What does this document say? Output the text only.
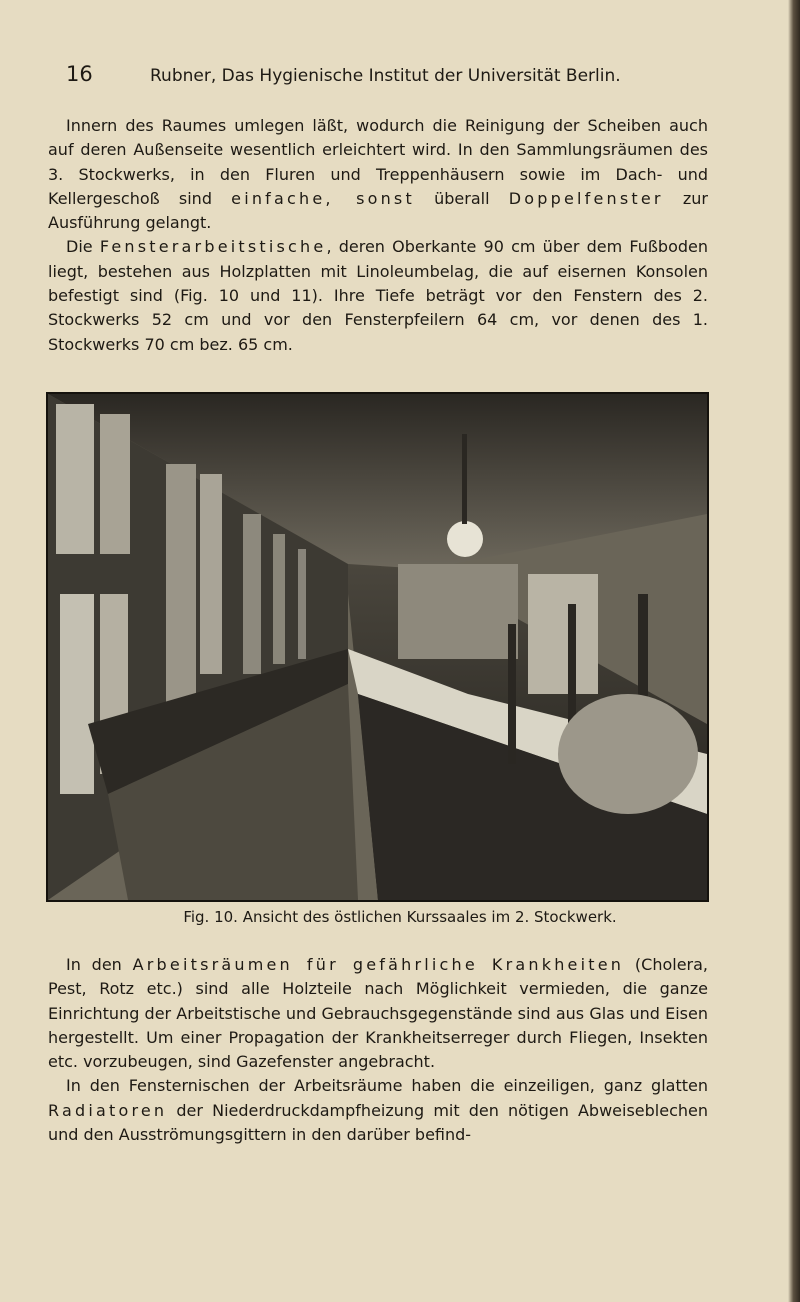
16	Rubner, Das Hygienische Institut der Universität Berlin.

Innern des Raumes umlegen läßt, wodurch die Reinigung der Scheiben auch auf deren Außenseite wesentlich erleichtert wird. In den Sammlungsräumen des 3. Stockwerks, in den Fluren und Treppenhäusern sowie im Dach- und Kellergeschoß sind einfache, sonst überall Doppelfenster zur Ausführung gelangt.

Die Fensterarbeitstische, deren Oberkante 90 cm über dem Fußboden liegt, bestehen aus Holzplatten mit Linoleumbelag, die auf eisernen Konsolen befestigt sind (Fig. 10 und 11). Ihre Tiefe beträgt vor den Fenstern des 2. Stockwerks 52 cm und vor den Fensterpfeilern 64 cm, vor denen des 1. Stockwerks 70 cm bez. 65 cm.

Fig. 10. Ansicht des östlichen Kurssaales im 2. Stockwerk.

In den Arbeitsräumen für gefährliche Krankheiten (Cholera, Pest, Rotz etc.) sind alle Holzteile nach Möglichkeit vermieden, die ganze Einrichtung der Arbeitstische und Gebrauchsgegenstände sind aus Glas und Eisen hergestellt. Um einer Propagation der Krankheitserreger durch Fliegen, Insekten etc. vorzubeugen, sind Gazefenster angebracht.

In den Fensternischen der Arbeitsräume haben die einzeiligen, ganz glatten Radiatoren der Niederdruckdampfheizung mit den nötigen Abweiseblechen und den Ausströmungsgittern in den darüber befind-
